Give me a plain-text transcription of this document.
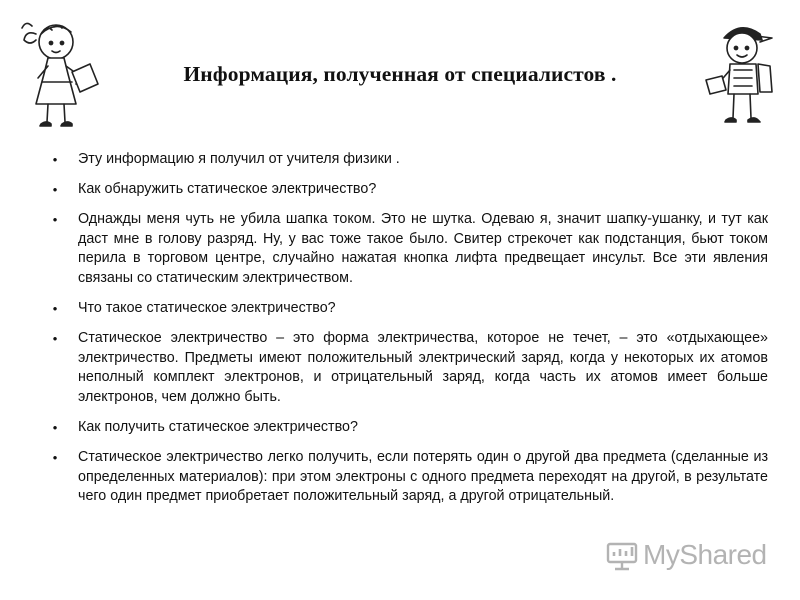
Информация, полученная от специалистов .
• Эту информацию я получил от учителя физики .
• Как обнаружить статическое электричество?
• Однажды меня чуть не убила шапка током. Это не шутка. Одеваю я, значит шапку-ушанку, и тут как даст мне в голову разряд. Ну, у вас тоже такое было. Свитер стрекочет как подстанция, бьют током перила в торговом центре, случайно нажатая кнопка лифта предвещает инсульт. Все эти явления связаны со статическим электричеством.
• Что такое статическое электричество?
• Статическое электричество – это форма электричества, которое не течет, – это «отдыхающее» электричество. Предметы имеют положительный электрический заряд, когда у некоторых их атомов неполный комплект электронов, и отрицательный заряд, когда часть их атомов имеет больше электронов, чем должно быть.
• Как получить статическое электричество?
• Статическое электричество легко получить, если потерять один о другой два предмета (сделанные из определенных материалов): при этом электроны с одного предмета переходят на другой, в результате чего один предмет приобретает положительный заряд, а другой отрицательный.
MyShared
